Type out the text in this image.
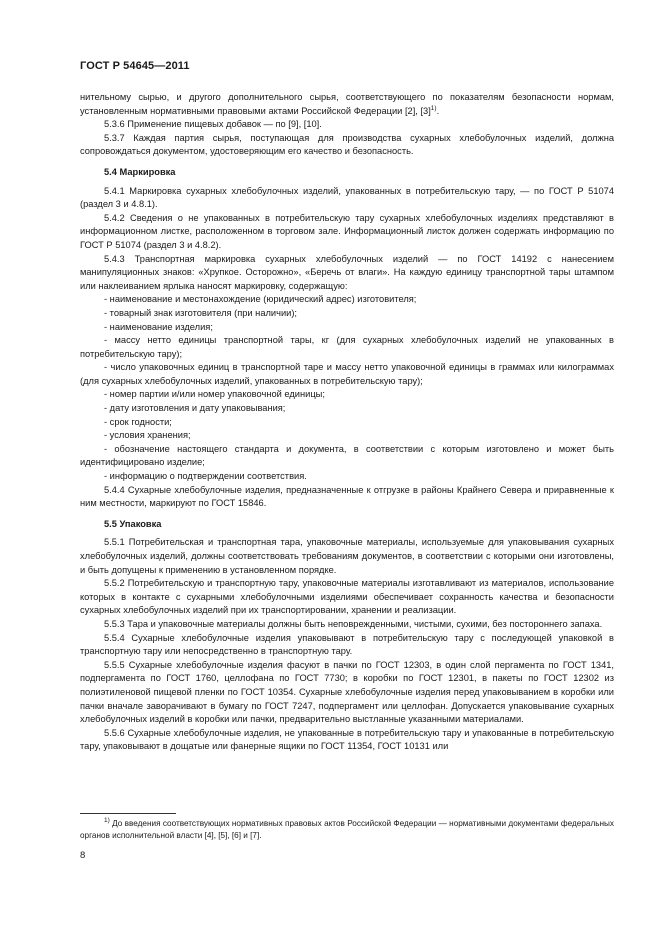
ГОСТ Р 54645—2011

нительному сырью, и другого дополнительного сырья, соответствующего по показателям безопасности нормам, установленным нормативными правовыми актами Российской Федерации [2], $[3]^{1)}$.

5.3.6 Применение пищевых добавок — по [9], [10].

5.3.7 Каждая партия сырья, поступающая для производства сухарных хлебобулочных изделий, должна сопровождаться документом, удостоверяющим его качество и безопасность.

5.4 Маркировка

5.4.1 Маркировка сухарных хлебобулочных изделий, упакованных в потребительскую тару, — по ГОСТ Р 51074 (раздел 3 и 4.8.1).

5.4.2 Сведения о не упакованных в потребительскую тару сухарных хлебобулочных изделиях представляют в информационном листке, расположенном в торговом зале. Информационный листок должен содержать информацию по ГОСТ Р 51074 (раздел 3 и 4.8.2).

5.4.3 Транспортная маркировка сухарных хлебобулочных изделий — по ГОСТ 14192 с нанесением манипуляционных знаков: «Хрупкое. Осторожно», «Беречь от влаги». На каждую единицу транспортной тары штампом или наклеиванием ярлыка наносят маркировку, содержащую:

- наименование и местонахождение (юридический адрес) изготовителя;

- товарный знак изготовителя (при наличии);

- наименование изделия;

- массу нетто единицы транспортной тары, кг (для сухарных хлебобулочных изделий не упакованных в потребительскую тару);

- число упаковочных единиц в транспортной таре и массу нетто упаковочной единицы в граммах или килограммах (для сухарных хлебобулочных изделий, упакованных в потребительскую тару);

- номер партии и/или номер упаковочной единицы;

- дату изготовления и дату упаковывания;

- срок годности;

- условия хранения;

- обозначение настоящего стандарта и документа, в соответствии с которым изготовлено и может быть идентифицировано изделие;

- информацию о подтверждении соответствия.

5.4.4 Сухарные хлебобулочные изделия, предназначенные к отгрузке в районы Крайнего Севера и приравненные к ним местности, маркируют по ГОСТ 15846.

5.5 Упаковка

5.5.1 Потребительская и транспортная тара, упаковочные материалы, используемые для упаковывания сухарных хлебобулочных изделий, должны соответствовать требованиям документов, в соответствии с которыми они изготовлены, и быть допущены к применению в установленном порядке.

5.5.2 Потребительскую и транспортную тару, упаковочные материалы изготавливают из материалов, использование которых в контакте с сухарными хлебобулочными изделиями обеспечивает сохранность качества и безопасности сухарных хлебобулочных изделий при их транспортировании, хранении и реализации.

5.5.3 Тара и упаковочные материалы должны быть неповрежденными, чистыми, сухими, без постороннего запаха.

5.5.4 Сухарные хлебобулочные изделия упаковывают в потребительскую тару с последующей упаковкой в транспортную тару или непосредственно в транспортную тару.

5.5.5 Сухарные хлебобулочные изделия фасуют в пачки по ГОСТ 12303, в один слой пергамента по ГОСТ 1341, подпергамента по ГОСТ 1760, целлофана по ГОСТ 7730; в коробки по ГОСТ 12301, в пакеты по ГОСТ 12302 из полиэтиленовой пищевой пленки по ГОСТ 10354. Сухарные хлебобулочные изделия перед упаковыванием в коробки или пачки вначале заворачивают в бумагу по ГОСТ 7247, подпергамент или целлофан. Допускается упаковывание сухарных хлебобулочных изделий в коробки или пачки, предварительно выстланные указанными материалами.

5.5.6 Сухарные хлебобулочные изделия, не упакованные в потребительскую тару и упакованные в потребительскую тару, упаковывают в дощатые или фанерные ящики по ГОСТ 11354, ГОСТ 10131 или

$^{1)}$ До введения соответствующих нормативных правовых актов Российской Федерации — нормативными документами федеральных органов исполнительной власти [4], [5], [6] и [7].

8
